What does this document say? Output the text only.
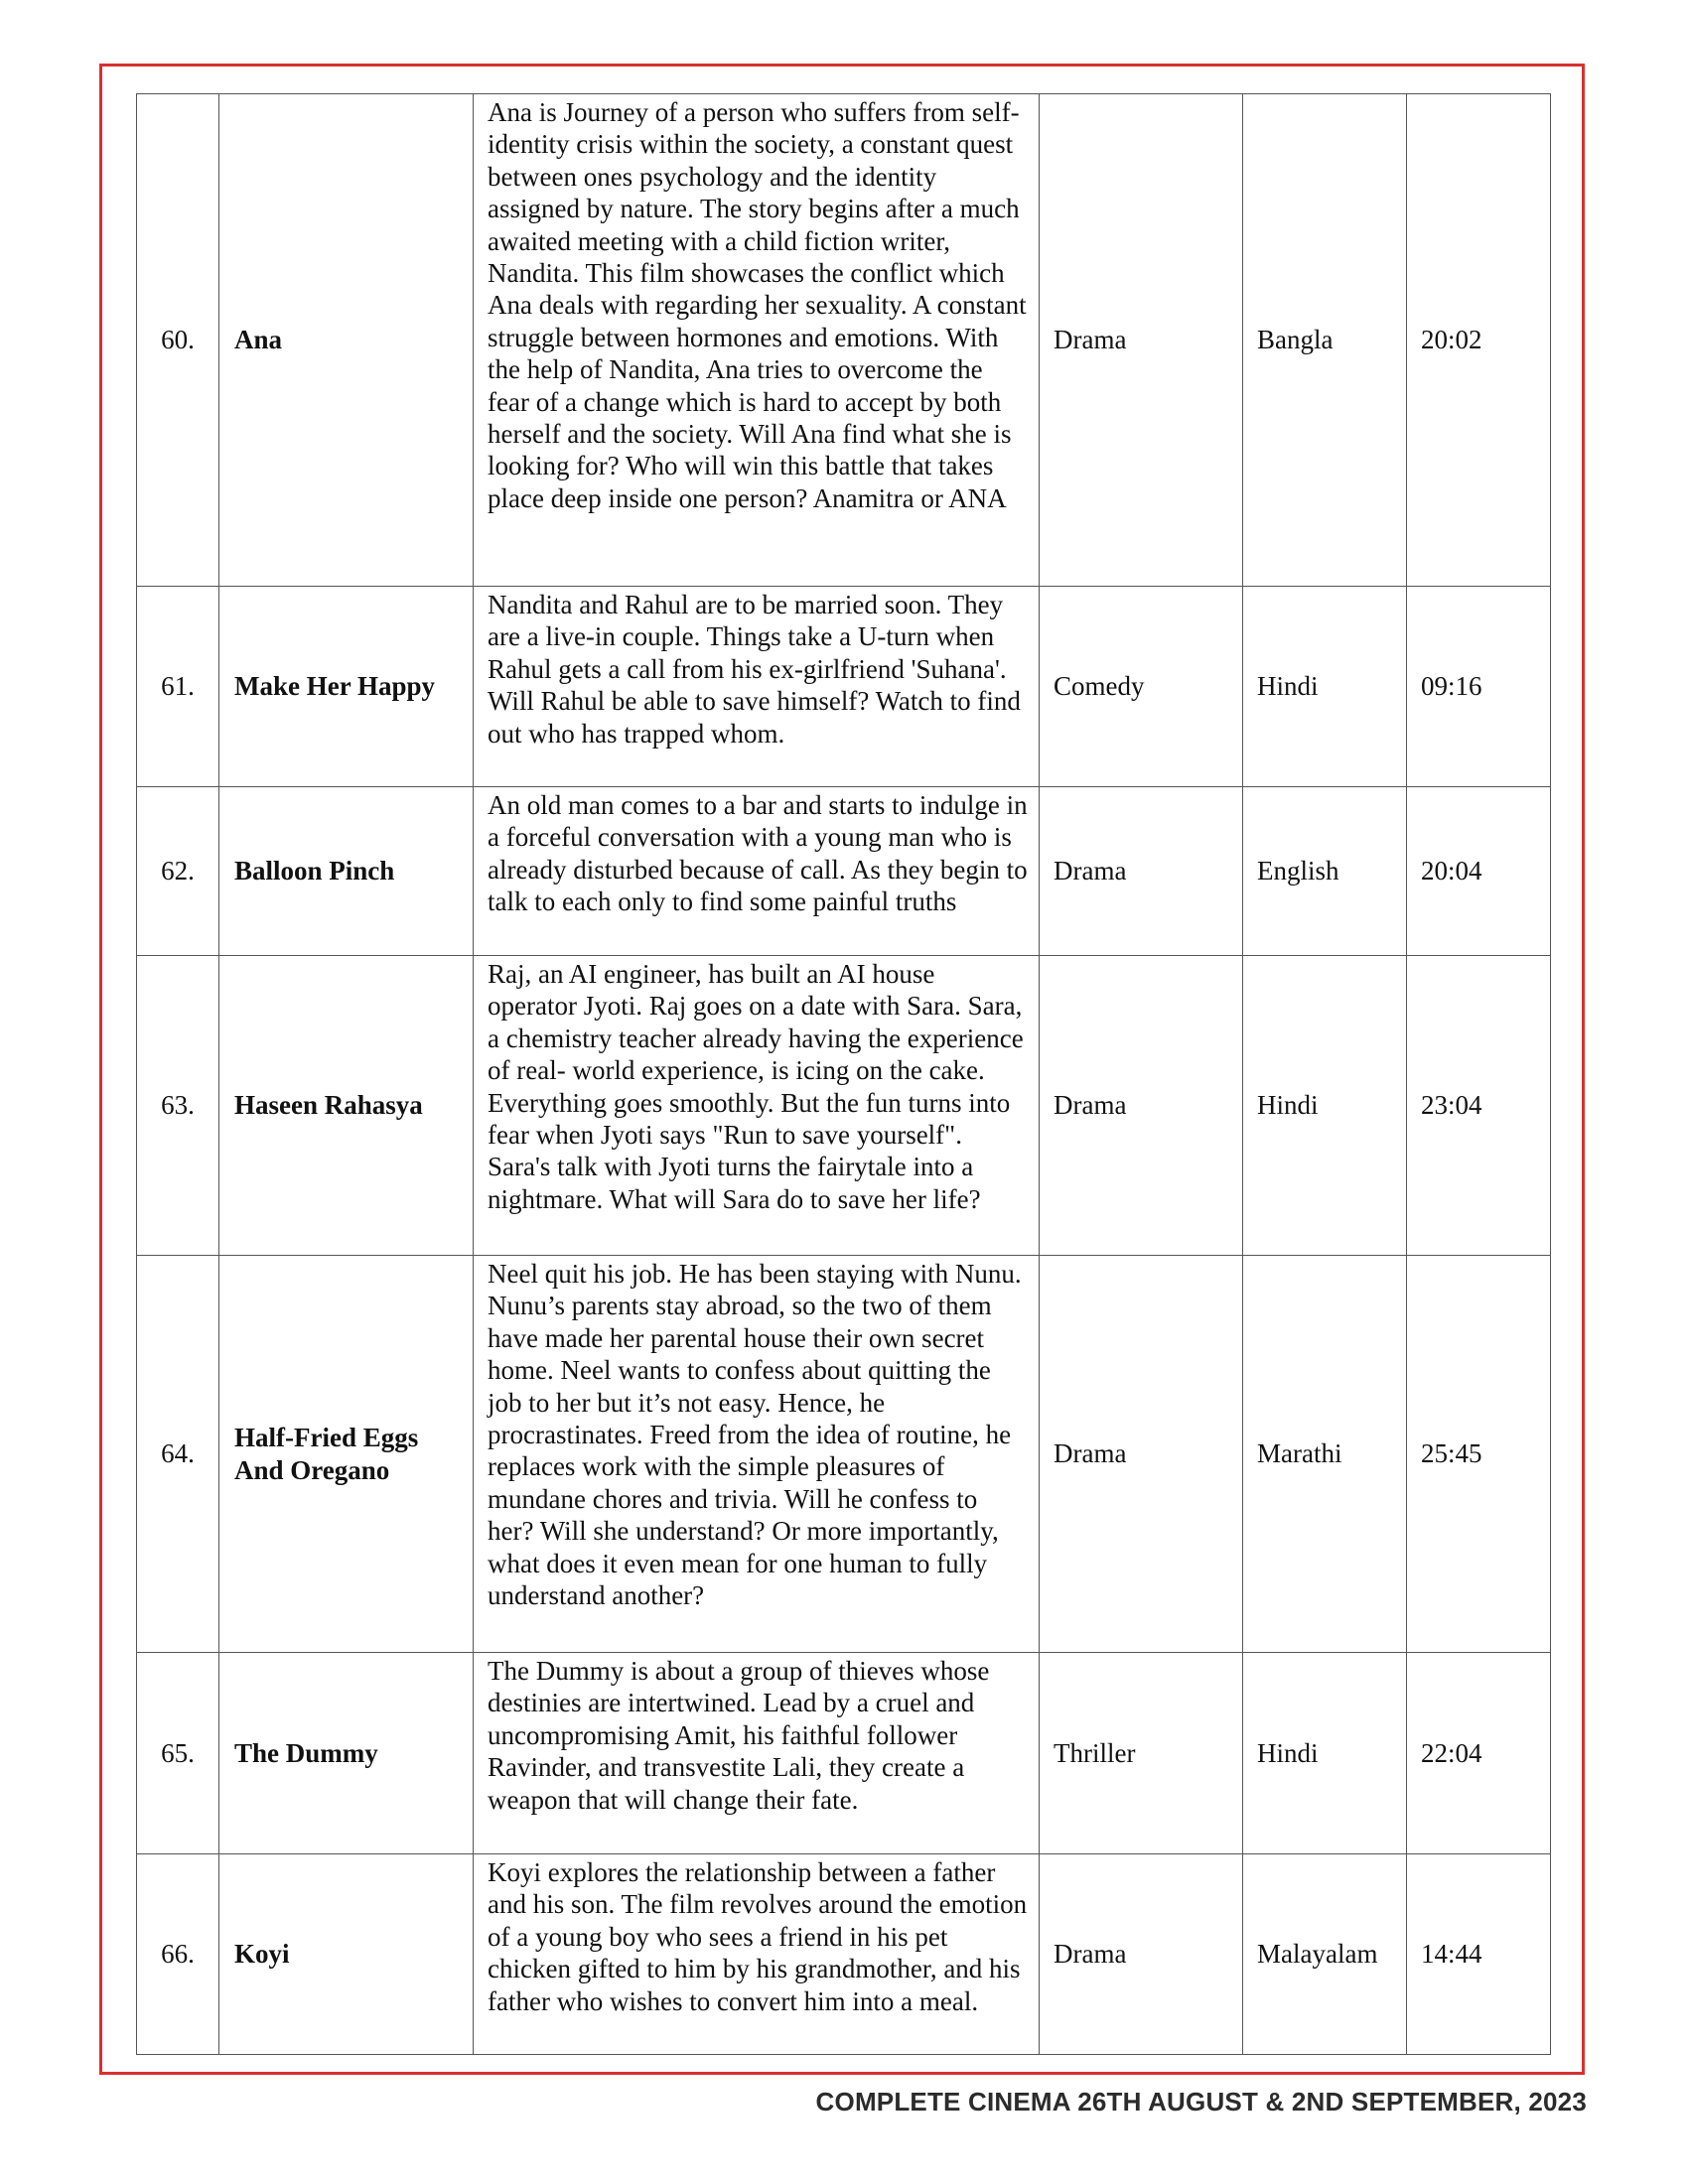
60.	Ana	Ana is Journey of a person who suffers from self-identity crisis within the society, a constant quest between ones psychology and the identity assigned by nature. The story begins after a much awaited meeting with a child fiction writer, Nandita. This film showcases the conflict which Ana deals with regarding her sexuality. A constant struggle between hormones and emotions. With the help of Nandita, Ana tries to overcome the fear of a change which is hard to accept by both herself and the society. Will Ana find what she is looking for? Who will win this battle that takes place deep inside one person? Anamitra or ANA	Drama	Bangla	20:02
61.	Make Her Happy	Nandita and Rahul are to be married soon. They are a live-in couple. Things take a U-turn when Rahul gets a call from his ex-girlfriend 'Suhana'. Will Rahul be able to save himself? Watch to find out who has trapped whom.	Comedy	Hindi	09:16
62.	Balloon Pinch	An old man comes to a bar and starts to indulge in a forceful conversation with a young man who is already disturbed because of call. As they begin to talk to each only to find some painful truths	Drama	English	20:04
63.	Haseen Rahasya	Raj, an AI engineer, has built an AI house operator Jyoti. Raj goes on a date with Sara. Sara, a chemistry teacher already having the experience of real- world experience, is icing on the cake. Everything goes smoothly. But the fun turns into fear when Jyoti says "Run to save yourself". Sara's talk with Jyoti turns the fairytale into a nightmare. What will Sara do to save her life?	Drama	Hindi	23:04
64.	Half-Fried Eggs And Oregano	Neel quit his job. He has been staying with Nunu. Nunu’s parents stay abroad, so the two of them have made her parental house their own secret home. Neel wants to confess about quitting the job to her but it’s not easy. Hence, he procrastinates. Freed from the idea of routine, he replaces work with the simple pleasures of mundane chores and trivia. Will he confess to her? Will she understand? Or more importantly, what does it even mean for one human to fully understand another?	Drama	Marathi	25:45
65.	The Dummy	The Dummy is about a group of thieves whose destinies are intertwined. Lead by a cruel and uncompromising Amit, his faithful follower Ravinder, and transvestite Lali, they create a weapon that will change their fate.	Thriller	Hindi	22:04
66.	Koyi	Koyi explores the relationship between a father and his son. The film revolves around the emotion of a young boy who sees a friend in his pet chicken gifted to him by his grandmother, and his father who wishes to convert him into a meal.	Drama	Malayalam	14:44
COMPLETE CINEMA 26TH AUGUST & 2ND SEPTEMBER, 2023
